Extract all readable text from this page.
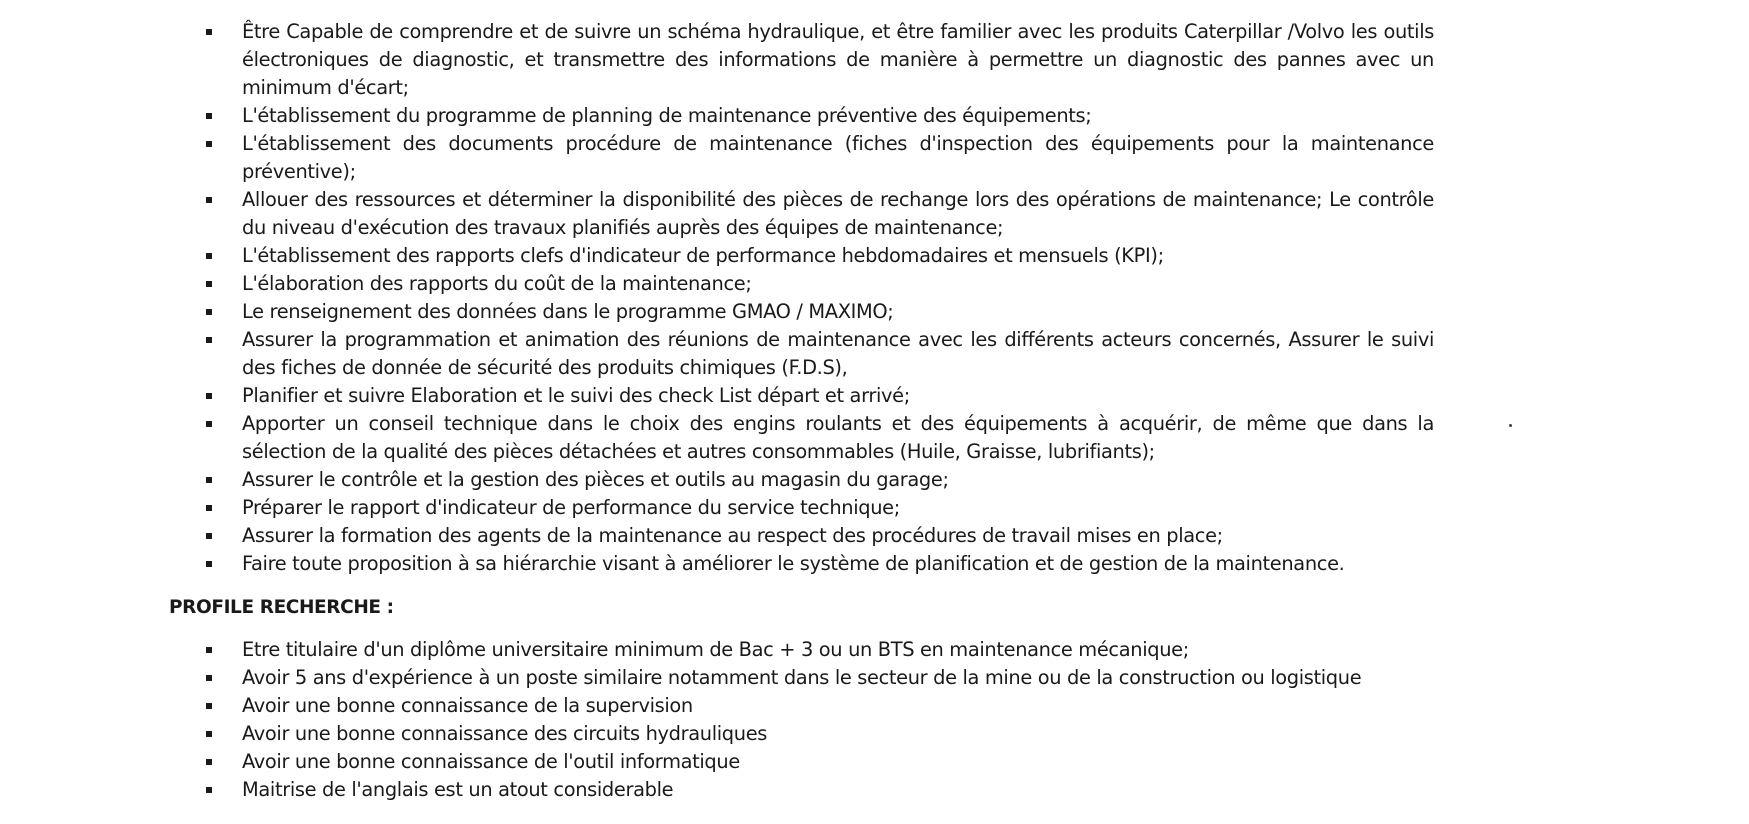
Être Capable de comprendre et de suivre un schéma hydraulique, et être familier avec les produits Caterpillar /Volvo les outils électroniques de diagnostic, et transmettre des informations de manière à permettre un diagnostic des pannes avec un minimum d'écart;
L'établissement du programme de planning de maintenance préventive des équipements;
L'établissement des documents procédure de maintenance (fiches d'inspection des équipements pour la maintenance préventive);
Allouer des ressources et déterminer la disponibilité des pièces de rechange lors des opérations de maintenance; Le contrôle du niveau d'exécution des travaux planifiés auprès des équipes de maintenance;
L'établissement des rapports clefs d'indicateur de performance hebdomadaires et mensuels (KPI);
L'élaboration des rapports du coût de la maintenance;
Le renseignement des données dans le programme GMAO / MAXIMO;
Assurer la programmation et animation des réunions de maintenance avec les différents acteurs concernés, Assurer le suivi des fiches de donnée de sécurité des produits chimiques (F.D.S),
Planifier et suivre Elaboration et le suivi des check List départ et arrivé;
Apporter un conseil technique dans le choix des engins roulants et des équipements à acquérir, de même que dans la sélection de la qualité des pièces détachées et autres consommables (Huile, Graisse, lubrifiants);
Assurer le contrôle et la gestion des pièces et outils au magasin du garage;
Préparer le rapport d'indicateur de performance du service technique;
Assurer la formation des agents de la maintenance au respect des procédures de travail mises en place;
Faire toute proposition à sa hiérarchie visant à améliorer le système de planification et de gestion de la maintenance.
PROFILE RECHERCHE :
Etre titulaire d'un diplôme universitaire minimum de Bac + 3 ou un BTS en maintenance mécanique;
Avoir 5 ans d'expérience à un poste similaire notamment dans le secteur de la mine ou de la construction ou logistique
Avoir une bonne connaissance de la supervision
Avoir une bonne connaissance des circuits hydrauliques
Avoir une bonne connaissance de l'outil informatique
Maitrise de l'anglais est un atout considerable
